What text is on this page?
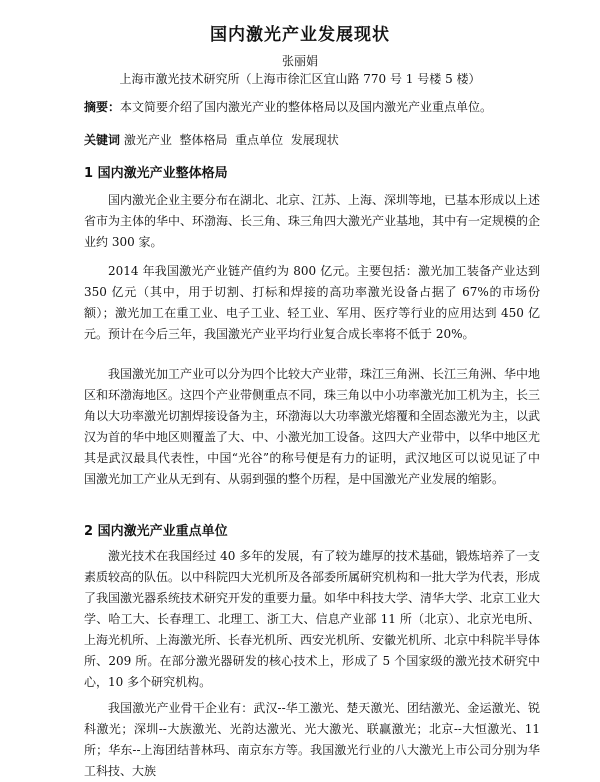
国内激光产业发展现状
张丽娟
上海市激光技术研究所（上海市徐汇区宜山路 770 号 1 号楼 5 楼）
摘要：本文简要介绍了国内激光产业的整体格局以及国内激光产业重点单位。
关键词 激光产业  整体格局  重点单位  发展现状
1 国内激光产业整体格局
国内激光企业主要分布在湖北、北京、江苏、上海、深圳等地，已基本形成以上述省市为主体的华中、环渤海、长三角、珠三角四大激光产业基地，其中有一定规模的企业约 300 家。
2014 年我国激光产业链产值约为 800 亿元。主要包括：激光加工装备产业达到 350 亿元（其中，用于切割、打标和焊接的高功率激光设备占据了 67%的市场份额）；激光加工在重工业、电子工业、轻工业、军用、医疗等行业的应用达到 450 亿元。预计在今后三年，我国激光产业平均行业复合成长率将不低于 20%。
我国激光加工产业可以分为四个比较大产业带，珠江三角洲、长江三角洲、华中地区和环渤海地区。这四个产业带侧重点不同，珠三角以中小功率激光加工机为主，长三角以大功率激光切割焊接设备为主，环渤海以大功率激光熔覆和全固态激光为主，以武汉为首的华中地区则覆盖了大、中、小激光加工设备。这四大产业带中，以华中地区尤其是武汉最具代表性，中国“光谷”的称号便是有力的证明，武汉地区可以说见证了中国激光加工产业从无到有、从弱到强的整个历程，是中国激光产业发展的缩影。
2 国内激光产业重点单位
激光技术在我国经过 40 多年的发展，有了较为雄厚的技术基础，锻炼培养了一支素质较高的队伍。以中科院四大光机所及各部委所属研究机构和一批大学为代表，形成了我国激光器系统技术研究开发的重要力量。如华中科技大学、清华大学、北京工业大学、哈工大、长春理工、北理工、浙工大、信息产业部 11 所（北京）、北京光电所、上海光机所、上海激光所、长春光机所、西安光机所、安徽光机所、北京中科院半导体所、209 所。在部分激光器研发的核心技术上，形成了 5 个国家级的激光技术研究中心，10 多个研究机构。
我国激光产业骨干企业有：武汉--华工激光、楚天激光、团结激光、金运激光、锐科激光；深圳--大族激光、光韵达激光、光大激光、联赢激光；北京--大恒激光、11 所；华东--上海团结普林玛、南京东方等。我国激光行业的八大激光上市公司分别为华工科技、大族
